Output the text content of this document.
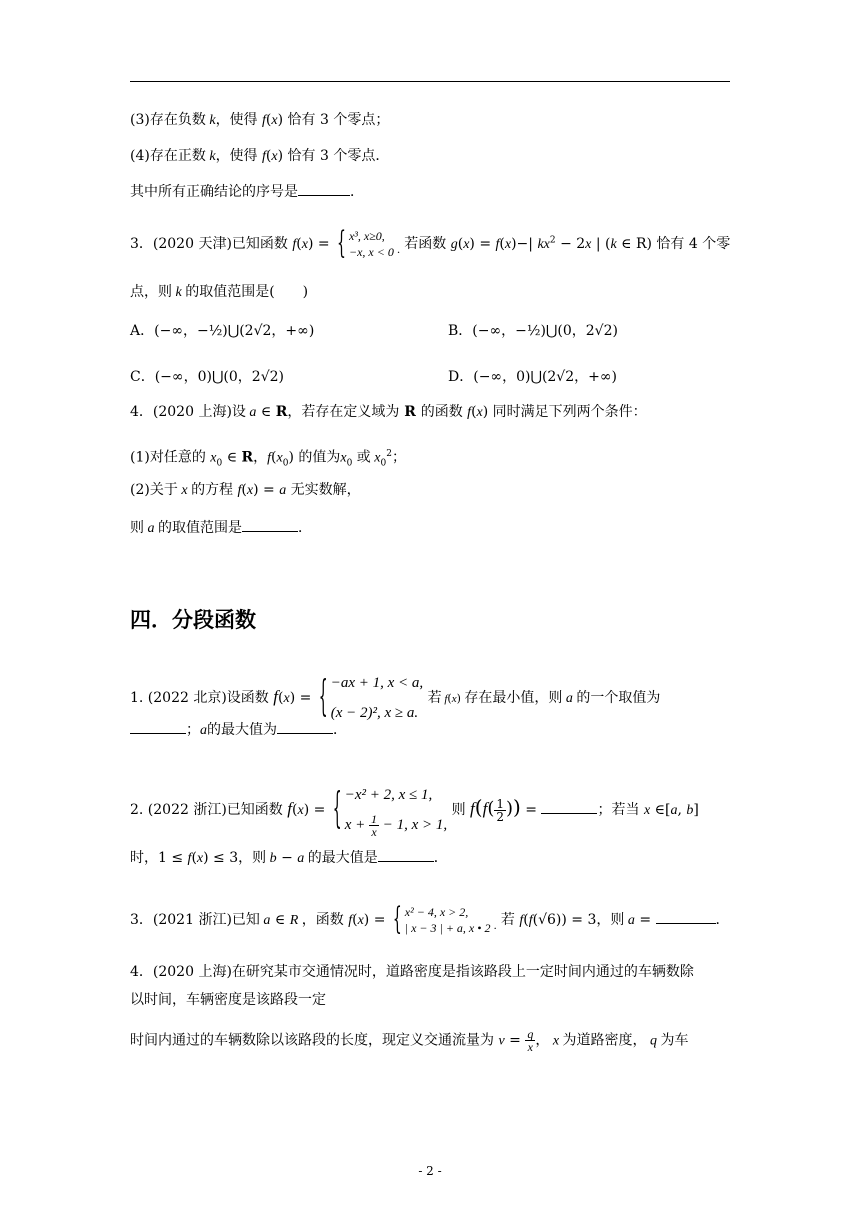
(3)存在负数 k，使得 f(x) 恰有 3 个零点；
(4)存在正数 k，使得 f(x) 恰有 3 个零点．
其中所有正确结论的序号是	．
3．(2020 天津)已知函数 f(x) = { x³, x≥0,
−x, x < 0 · 若函数 g(x) = f(x)−| $kx^2 - 2x$ | (k ∈ R) 恰有 4 个零
点，则 k 的取值范围是(　　)
A．(−∞，−½)⋃(2√2，+∞)	B．(−∞，−½)⋃(0，2√2)
C．(−∞，0)⋃(0，2√2)	D．(−∞，0)⋃(2√2，+∞)
4．(2020 上海)设 a ∈ R，若存在定义域为 R 的函数 f(x) 同时满足下列两个条件：
(1)对任意的 $x_0$ ∈ R，$f(x_0)$ 的值为$x_0$ 或 $x_0^2$；
(2)关于 x 的方程 f(x) = a 无实数解，
则 a 的取值范围是	．
四．分段函数
1. (2022 北京)设函数 f(x) = { −ax + 1, x < a,
(x − 2)², x ≥ a. 若 f(x) 存在最小值，则 a 的一个取值为
；a的最大值为	．
2. (2022 浙江)已知函数 f(x) = { −x² + 2, x ≤ 1,
$x + \frac{1}{x} - 1$, x > 1, 则 $f(f( \frac{1}{2}$ )) =	；若当 x ∈[a, b]
时，1 ≤ f(x) ≤ 3，则 b − a 的最大值是	．
3．(2021 浙江)已知 a ∈ R ，函数 f(x) = { x² − 4, x > 2,
| x − 3 | + a, x • 2 · 若 f(f(√6)) = 3，则 a =	．
4．(2020 上海)在研究某市交通情况时，道路密度是指该路段上一定时间内通过的车辆数除
以时间，车辆密度是该路段一定
时间内通过的车辆数除以该路段的长度，现定义交通流量为 $v = \frac{q}{x}$ ， x 为道路密度， q 为车
- 2 -
